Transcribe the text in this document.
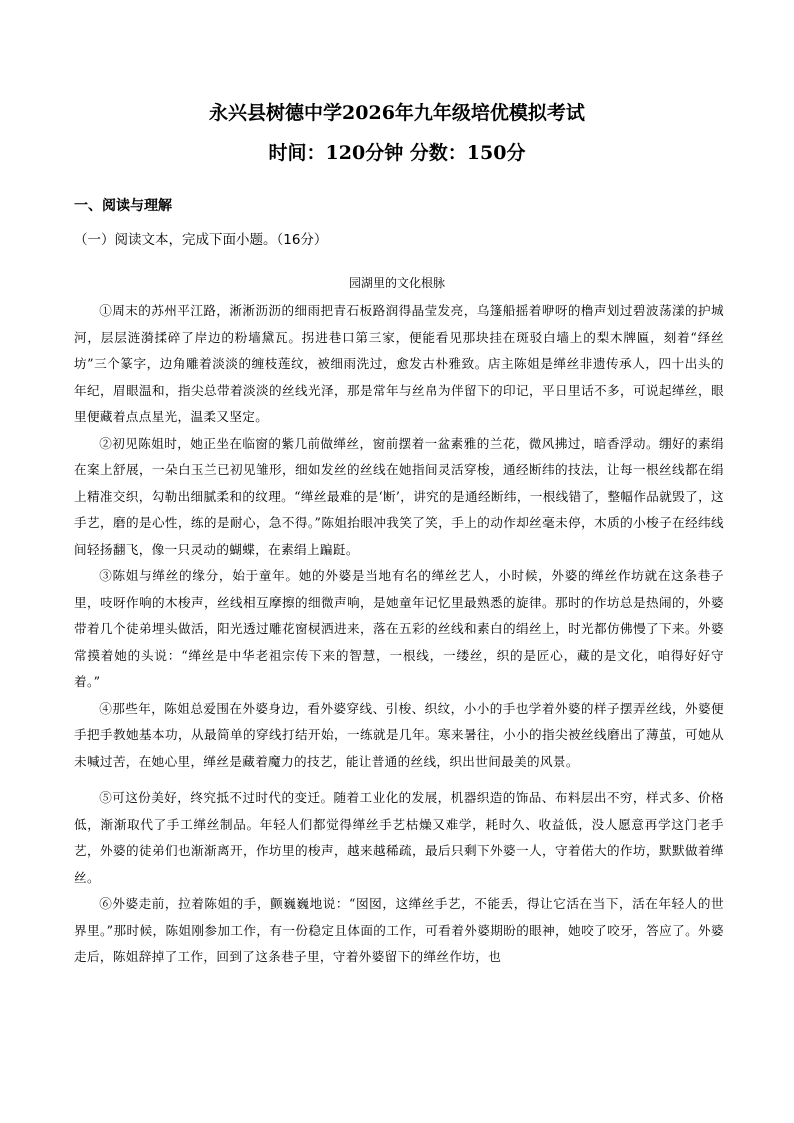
永兴县树德中学2026年九年级培优模拟考试
时间：120分钟 分数：150分
一、阅读与理解
（一）阅读文本，完成下面小题。（16分）
园湖里的文化根脉

①周末的苏州平江路，淅淅沥沥的细雨把青石板路润得晶莹发亮，乌篷船摇着咿呀的橹声划过碧波荡漾的护城河，层层涟漪揉碎了岸边的粉墙黛瓦。拐进巷口第三家，便能看见那块挂在斑驳白墙上的梨木牌匾，刻着“绎丝坊”三个篆字，边角雕着淡淡的缠枝莲纹，被细雨洗过，愈发古朴雅致。店主陈姐是缂丝非遗传承人，四十出头的年纪，眉眼温和，指尖总带着淡淡的丝线光泽，那是常年与丝帛为伴留下的印记，平日里话不多，可说起缂丝，眼里便藏着点点星光，温柔又坚定。

②初见陈姐时，她正坐在临窗的紫几前做缂丝，窗前摆着一盆素雅的兰花，微风拂过，暗香浮动。绷好的素绢在案上舒展，一朵白玉兰已初见雏形，细如发丝的丝线在她指间灵活穿梭，通经断纬的技法，让每一根丝线都在绢上精准交织，勾勒出细腻柔和的纹理。“缂丝最难的是‘断’，讲究的是通经断纬，一根线错了，整幅作品就毁了，这手艺，磨的是心性，练的是耐心，急不得。”陈姐抬眼冲我笑了笑，手上的动作却丝毫未停，木质的小梭子在经纬线间轻扬翻飞，像一只灵动的蝴蝶，在素绢上蹁跹。

③陈姐与缂丝的缘分，始于童年。她的外婆是当地有名的缂丝艺人，小时候，外婆的缂丝作坊就在这条巷子里，吱呀作响的木梭声，丝线相互摩擦的细微声响，是她童年记忆里最熟悉的旋律。那时的作坊总是热闹的，外婆带着几个徒弟埋头做活，阳光透过雕花窗棂洒进来，落在五彩的丝线和素白的绢丝上，时光都仿佛慢了下来。外婆常摸着她的头说：“缂丝是中华老祖宗传下来的智慧，一根线，一缕丝，织的是匠心，藏的是文化，咱得好好守着。”

④那些年，陈姐总爱围在外婆身边，看外婆穿线、引梭、织纹，小小的手也学着外婆的样子摆弄丝线，外婆便手把手教她基本功，从最简单的穿线打结开始，一练就是几年。寒来暑往，小小的指尖被丝线磨出了薄茧，可她从未喊过苦，在她心里，缂丝是藏着魔力的技艺，能让普通的丝线，织出世间最美的风景。

⑤可这份美好，终究抵不过时代的变迁。随着工业化的发展，机器织造的饰品、布料层出不穷，样式多、价格低，渐渐取代了手工缂丝制品。年轻人们都觉得缂丝手艺枯燥又难学，耗时久、收益低，没人愿意再学这门老手艺，外婆的徒弟们也渐渐离开，作坊里的梭声，越来越稀疏，最后只剩下外婆一人，守着偌大的作坊，默默做着缂丝。

⑥外婆走前，拉着陈姐的手，颤巍巍地说：“囡囡，这缂丝手艺，不能丢，得让它活在当下，活在年轻人的世界里。”那时候，陈姐刚参加工作，有一份稳定且体面的工作，可看着外婆期盼的眼神，她咬了咬牙，答应了。外婆走后，陈姐辞掉了工作，回到了这条巷子里，守着外婆留下的缂丝作坊，也
